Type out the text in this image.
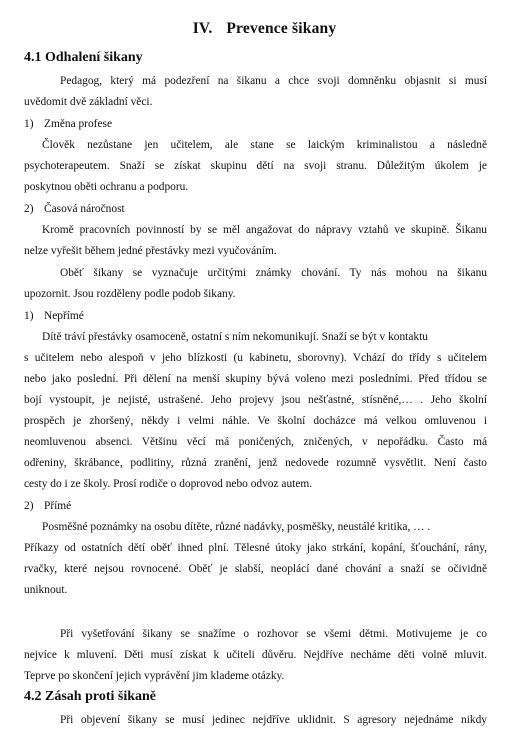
IV. Prevence šikany
4.1 Odhalení šikany
Pedagog, který má podezření na šikanu a chce svoji domněnku objasnit si musí
uvědomit dvě základní věci.
1) Změna profese
Člověk nezůstane jen učitelem, ale stane se laickým kriminalistou a následně
psychoterapeutem. Snaží se získat skupinu dětí na svoji stranu. Důležitým úkolem je
poskytnou oběti ochranu a podporu.
2) Časová náročnost
Kromě pracovních povinností by se měl angažovat do nápravy vztahů ve skupině. Šikanu
nelze vyřešit během jedné přestávky mezi vyučováním.
Oběť šikany se vyznačuje určitými známky chování. Ty nás mohou na šikanu
upozornit. Jsou rozděleny podle podob šikany.
1) Nepřímé
Dítě tráví přestávky osamoceně, ostatní s ním nekomunikují. Snaží se být v kontaktu
s učitelem nebo alespoň v jeho blízkosti (u kabinetu, sborovny). Vchází do třídy s učitelem
nebo jako poslední. Při dělení na menší skupiny bývá voleno mezi posledními. Před třídou se
bojí vystoupit, je nejisté, ustrašené. Jeho projevy jsou nešťastné, stísněné,… . Jeho školní
prospěch je zhoršený, někdy i velmi náhle. Ve školní docházce má velkou omluvenou i
neomluvenou absenci. Většinu věcí má poničených, zničených, v nepořádku. Často má
odřeniny, škrábance, podlitiny, různá zranění, jenž nedovede rozumně vysvětlit. Není často
cesty do i ze školy. Prosí rodiče o doprovod nebo odvoz autem.
2) Přímé
Posměšné poznámky na osobu dítěte, různé nadávky, posměšky, neustálé kritika, … .
Příkazy od ostatních dětí oběť ihned plní. Tělesné útoky jako strkání, kopání, šťouchání, rány,
rvačky, které nejsou rovnocené. Oběť je slabší, neoplácí dané chování a snaží se očividně
uniknout.
Při vyšetřování šikany se snažíme o rozhovor se všemi dětmi. Motivujeme je co
nejvíce k mluvení. Děti musí získat k učiteli důvěru. Nejdříve necháme děti volně mluvit.
Teprve po skončení jejich vyprávění jim klademe otázky.
4.2 Zásah proti šikaně
Při objevení šikany se musí jedinec nejdříve uklidnit. S agresory nejednáme nikdy
